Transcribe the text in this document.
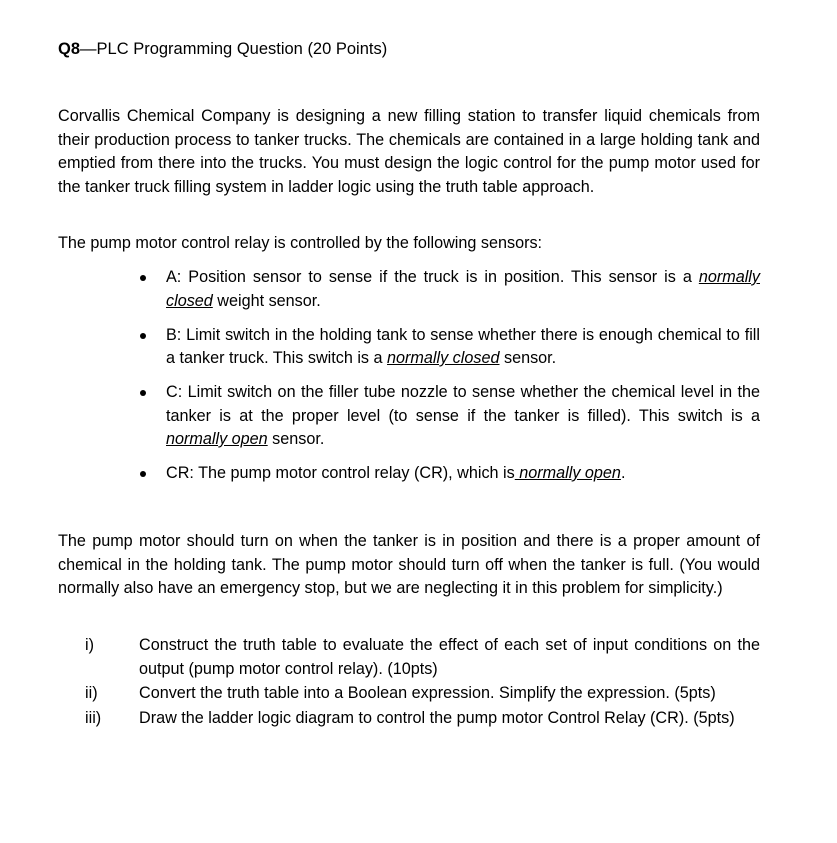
Q8—PLC Programming Question (20 Points)
Corvallis Chemical Company is designing a new filling station to transfer liquid chemicals from their production process to tanker trucks. The chemicals are contained in a large holding tank and emptied from there into the trucks. You must design the logic control for the pump motor used for the tanker truck filling system in ladder logic using the truth table approach.
The pump motor control relay is controlled by the following sensors:
A: Position sensor to sense if the truck is in position. This sensor is a normally closed weight sensor.
B: Limit switch in the holding tank to sense whether there is enough chemical to fill a tanker truck. This switch is a normally closed sensor.
C: Limit switch on the filler tube nozzle to sense whether the chemical level in the tanker is at the proper level (to sense if the tanker is filled). This switch is a normally open sensor.
CR: The pump motor control relay (CR), which is normally open.
The pump motor should turn on when the tanker is in position and there is a proper amount of chemical in the holding tank. The pump motor should turn off when the tanker is full. (You would normally also have an emergency stop, but we are neglecting it in this problem for simplicity.)
i)	Construct the truth table to evaluate the effect of each set of input conditions on the output (pump motor control relay). (10pts)
ii)	Convert the truth table into a Boolean expression. Simplify the expression. (5pts)
iii) Draw the ladder logic diagram to control the pump motor Control Relay (CR). (5pts)
